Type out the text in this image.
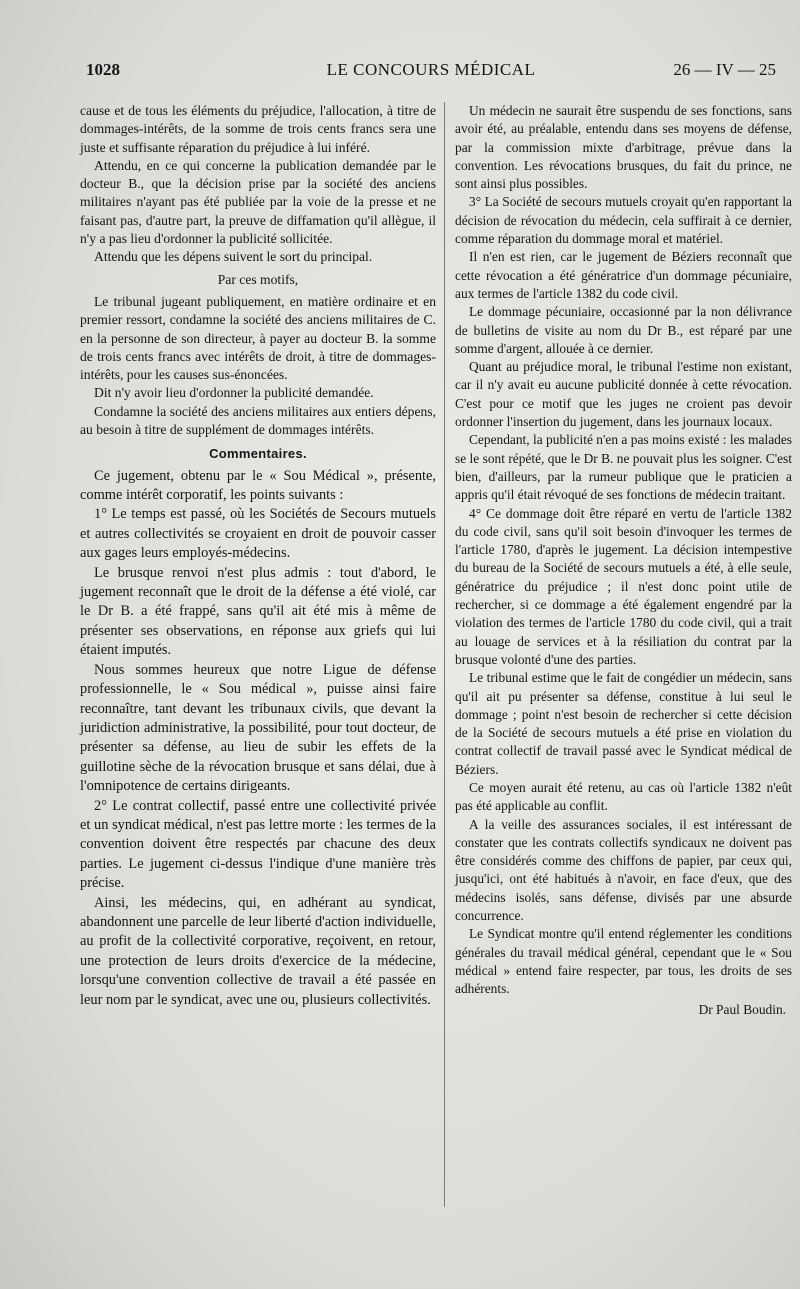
1028	LE CONCOURS MÉDICAL	26 — IV — 25

cause et de tous les éléments du préjudice, l'allocation, à titre de dommages-intérêts, de la somme de trois cents francs sera une juste et suffisante réparation du préjudice à lui inféré.

Attendu, en ce qui concerne la publication demandée par le docteur B., que la décision prise par la société des anciens militaires n'ayant pas été publiée par la voie de la presse et ne faisant pas, d'autre part, la preuve de diffamation qu'il allègue, il n'y a pas lieu d'ordonner la publicité sollicitée.

Attendu que les dépens suivent le sort du principal.

Par ces motifs,

Le tribunal jugeant publiquement, en matière ordinaire et en premier ressort, condamne la société des anciens militaires de C. en la personne de son directeur, à payer au docteur B. la somme de trois cents francs avec intérêts de droit, à titre de dommages-intérêts, pour les causes sus-énoncées.

Dit n'y avoir lieu d'ordonner la publicité demandée.

Condamne la société des anciens militaires aux entiers dépens, au besoin à titre de supplément de dommages intérêts.

Commentaires.

Ce jugement, obtenu par le « Sou Médical », présente, comme intérêt corporatif, les points suivants :

1° Le temps est passé, où les Sociétés de Secours mutuels et autres collectivités se croyaient en droit de pouvoir casser aux gages leurs employés-médecins.

Le brusque renvoi n'est plus admis : tout d'abord, le jugement reconnaît que le droit de la défense a été violé, car le Dr B. a été frappé, sans qu'il ait été mis à même de présenter ses observations, en réponse aux griefs qui lui étaient imputés.

Nous sommes heureux que notre Ligue de défense professionnelle, le « Sou médical », puisse ainsi faire reconnaître, tant devant les tribunaux civils, que devant la juridiction administrative, la possibilité, pour tout docteur, de présenter sa défense, au lieu de subir les effets de la guillotine sèche de la révocation brusque et sans délai, due à l'omnipotence de certains dirigeants.

2° Le contrat collectif, passé entre une collectivité privée et un syndicat médical, n'est pas lettre morte : les termes de la convention doivent être respectés par chacune des deux parties. Le jugement ci-dessus l'indique d'une manière très précise.

Ainsi, les médecins, qui, en adhérant au syndicat, abandonnent une parcelle de leur liberté d'action individuelle, au profit de la collectivité corporative, reçoivent, en retour, une protection de leurs droits d'exercice de la médecine, lorsqu'une convention collective de travail a été passée en leur nom par le syndicat, avec une ou, plusieurs collectivités.

Un médecin ne saurait être suspendu de ses fonctions, sans avoir été, au préalable, entendu dans ses moyens de défense, par la commission mixte d'arbitrage, prévue dans la convention. Les révocations brusques, du fait du prince, ne sont ainsi plus possibles.

3° La Société de secours mutuels croyait qu'en rapportant la décision de révocation du médecin, cela suffirait à ce dernier, comme réparation du dommage moral et matériel.

Il n'en est rien, car le jugement de Béziers reconnaît que cette révocation a été génératrice d'un dommage pécuniaire, aux termes de l'article 1382 du code civil.

Le dommage pécuniaire, occasionné par la non délivrance de bulletins de visite au nom du Dr B., est réparé par une somme d'argent, allouée à ce dernier.

Quant au préjudice moral, le tribunal l'estime non existant, car il n'y avait eu aucune publicité donnée à cette révocation. C'est pour ce motif que les juges ne croient pas devoir ordonner l'insertion du jugement, dans les journaux locaux.

Cependant, la publicité n'en a pas moins existé : les malades se le sont répété, que le Dr B. ne pouvait plus les soigner. C'est bien, d'ailleurs, par la rumeur publique que le praticien a appris qu'il était révoqué de ses fonctions de médecin traitant.

4° Ce dommage doit être réparé en vertu de l'article 1382 du code civil, sans qu'il soit besoin d'invoquer les termes de l'article 1780, d'après le jugement. La décision intempestive du bureau de la Société de secours mutuels a été, à elle seule, génératrice du préjudice ; il n'est donc point utile de rechercher, si ce dommage a été également engendré par la violation des termes de l'article 1780 du code civil, qui a trait au louage de services et à la résiliation du contrat par la brusque volonté d'une des parties.

Le tribunal estime que le fait de congédier un médecin, sans qu'il ait pu présenter sa défense, constitue à lui seul le dommage ; point n'est besoin de rechercher si cette décision de la Société de secours mutuels a été prise en violation du contrat collectif de travail passé avec le Syndicat médical de Béziers.

Ce moyen aurait été retenu, au cas où l'article 1382 n'eût pas été applicable au conflit.

A la veille des assurances sociales, il est intéressant de constater que les contrats collectifs syndicaux ne doivent pas être considérés comme des chiffons de papier, par ceux qui, jusqu'ici, ont été habitués à n'avoir, en face d'eux, que des médecins isolés, sans défense, divisés par une absurde concurrence.

Le Syndicat montre qu'il entend réglementer les conditions générales du travail médical général, cependant que le « Sou médical » entend faire respecter, par tous, les droits de ses adhérents.

Dr Paul Boudin.
